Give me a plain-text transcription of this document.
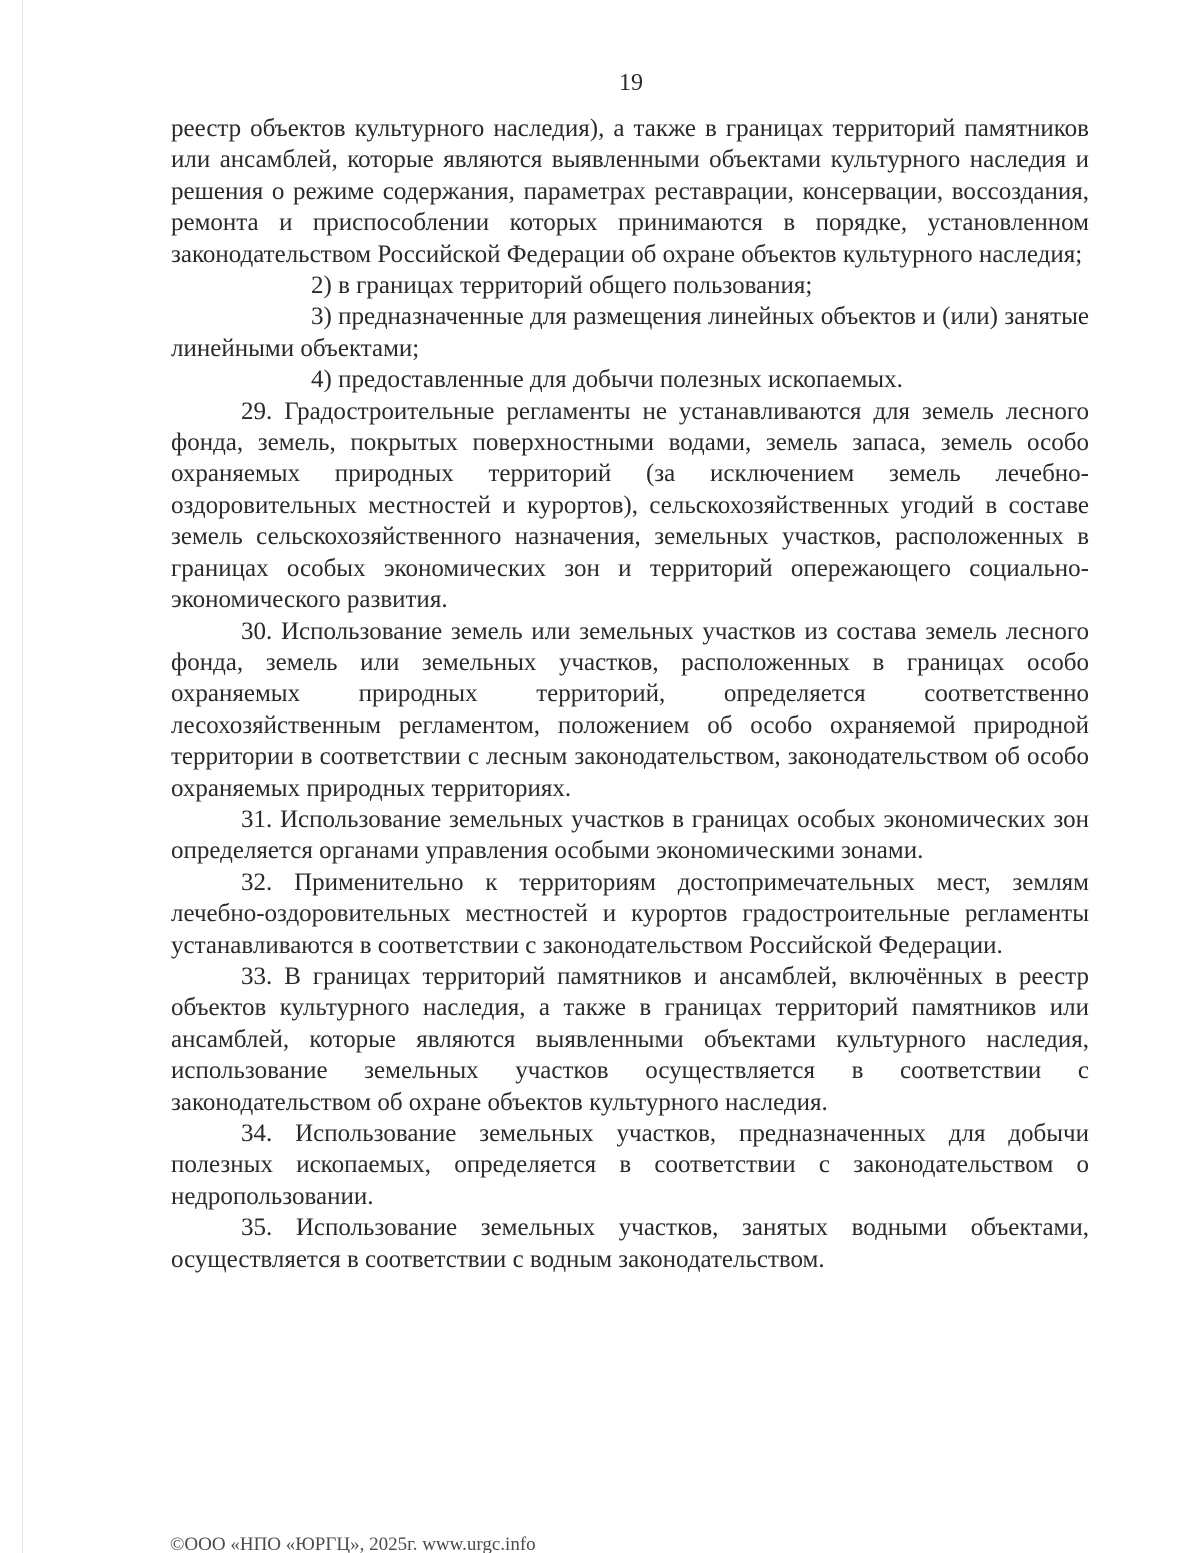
19

реестр объектов культурного наследия), а также в границах территорий памятников или ансамблей, которые являются выявленными объектами культурного наследия и решения о режиме содержания, параметрах реставрации, консервации, воссоздания, ремонта и приспособлении которых принимаются в порядке, установленном законодательством Российской Федерации об охране объектов культурного наследия;

2) в границах территорий общего пользования;

3) предназначенные для размещения линейных объектов и (или) занятые линейными объектами;

4) предоставленные для добычи полезных ископаемых.

29. Градостроительные регламенты не устанавливаются для земель лесного фонда, земель, покрытых поверхностными водами, земель запаса, земель особо охраняемых природных территорий (за исключением земель лечебно-оздоровительных местностей и курортов), сельскохозяйственных угодий в составе земель сельскохозяйственного назначения, земельных участков, расположенных в границах особых экономических зон и территорий опережающего социально-экономического развития.

30. Использование земель или земельных участков из состава земель лесного фонда, земель или земельных участков, расположенных в границах особо охраняемых природных территорий, определяется соответственно лесохозяйственным регламентом, положением об особо охраняемой природной территории в соответствии с лесным законодательством, законодательством об особо охраняемых природных территориях.

31. Использование земельных участков в границах особых экономических зон определяется органами управления особыми экономическими зонами.

32. Применительно к территориям достопримечательных мест, землям лечебно-оздоровительных местностей и курортов градостроительные регламенты устанавливаются в соответствии с законодательством Российской Федерации.

33. В границах территорий памятников и ансамблей, включённых в реестр объектов культурного наследия, а также в границах территорий памятников или ансамблей, которые являются выявленными объектами культурного наследия, использование земельных участков осуществляется в соответствии с законодательством об охране объектов культурного наследия.

34. Использование земельных участков, предназначенных для добычи полезных ископаемых, определяется в соответствии с законодательством о недропользовании.

35. Использование земельных участков, занятых водными объектами, осуществляется в соответствии с водным законодательством.

©ООО «НПО «ЮРГЦ», 2025г. www.urgc.info
